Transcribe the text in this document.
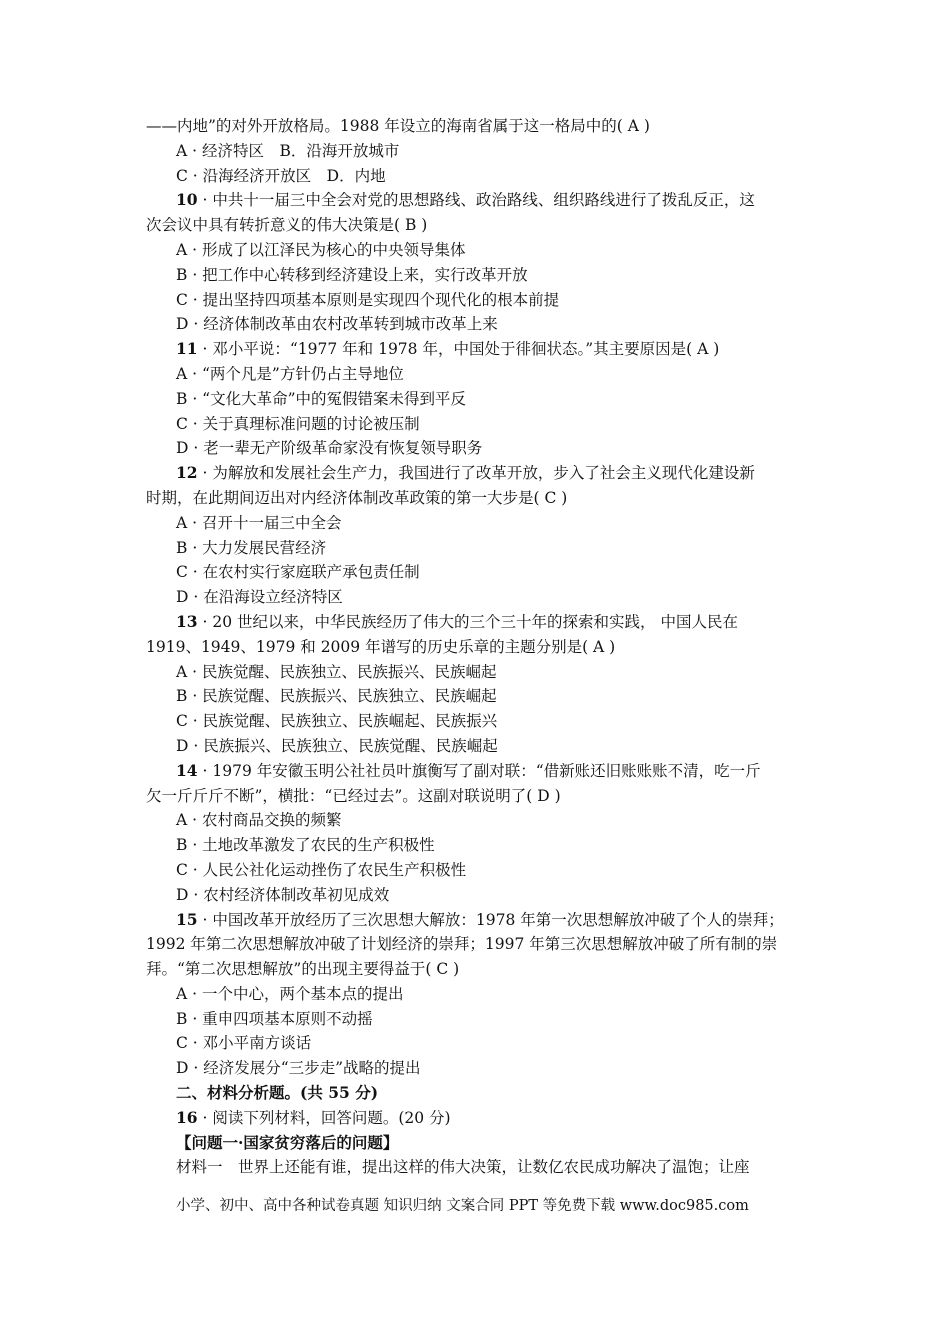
——内地”的对外开放格局。1988 年设立的海南省属于这一格局中的( A )
A · 经济特区　B．沿海开放城市
C · 沿海经济开放区　D．内地
10 · 中共十一届三中全会对党的思想路线、政治路线、组织路线进行了拨乱反正，这
次会议中具有转折意义的伟大决策是( B )
A · 形成了以江泽民为核心的中央领导集体
B · 把工作中心转移到经济建设上来，实行改革开放
C · 提出坚持四项基本原则是实现四个现代化的根本前提
D · 经济体制改革由农村改革转到城市改革上来
11 · 邓小平说：“1977 年和 1978 年，中国处于徘徊状态。”其主要原因是( A )
A · “两个凡是”方针仍占主导地位
B · “文化大革命”中的冤假错案未得到平反
C · 关于真理标准问题的讨论被压制
D · 老一辈无产阶级革命家没有恢复领导职务
12 · 为解放和发展社会生产力，我国进行了改革开放，步入了社会主义现代化建设新
时期，在此期间迈出对内经济体制改革政策的第一大步是( C )
A · 召开十一届三中全会
B · 大力发展民营经济
C · 在农村实行家庭联产承包责任制
D · 在沿海设立经济特区
13 · 20 世纪以来，中华民族经历了伟大的三个三十年的探索和实践， 中国人民在
1919、1949、1979 和 2009 年谱写的历史乐章的主题分别是( A )
A · 民族觉醒、民族独立、民族振兴、民族崛起
B · 民族觉醒、民族振兴、民族独立、民族崛起
C · 民族觉醒、民族独立、民族崛起、民族振兴
D · 民族振兴、民族独立、民族觉醒、民族崛起
14 · 1979 年安徽玉明公社社员叶旗衡写了副对联：“借新账还旧账账账不清，吃一斤
欠一斤斤斤不断”，横批：“已经过去”。这副对联说明了( D )
A · 农村商品交换的频繁
B · 土地改革激发了农民的生产积极性
C · 人民公社化运动挫伤了农民生产积极性
D · 农村经济体制改革初见成效
15 · 中国改革开放经历了三次思想大解放：1978 年第一次思想解放冲破了个人的崇拜；
1992 年第二次思想解放冲破了计划经济的崇拜；1997 年第三次思想解放冲破了所有制的崇
拜。“第二次思想解放”的出现主要得益于( C )
A · 一个中心，两个基本点的提出
B · 重申四项基本原则不动摇
C · 邓小平南方谈话
D · 经济发展分“三步走”战略的提出
二、材料分析题。(共 55 分)
16 · 阅读下列材料，回答问题。(20 分)
【问题一·国家贫穷落后的问题】
材料一　世界上还能有谁，提出这样的伟大决策，让数亿农民成功解决了温饱；让座
小学、初中、高中各种试卷真题 知识归纳 文案合同 PPT 等免费下载 www.doc985.com
